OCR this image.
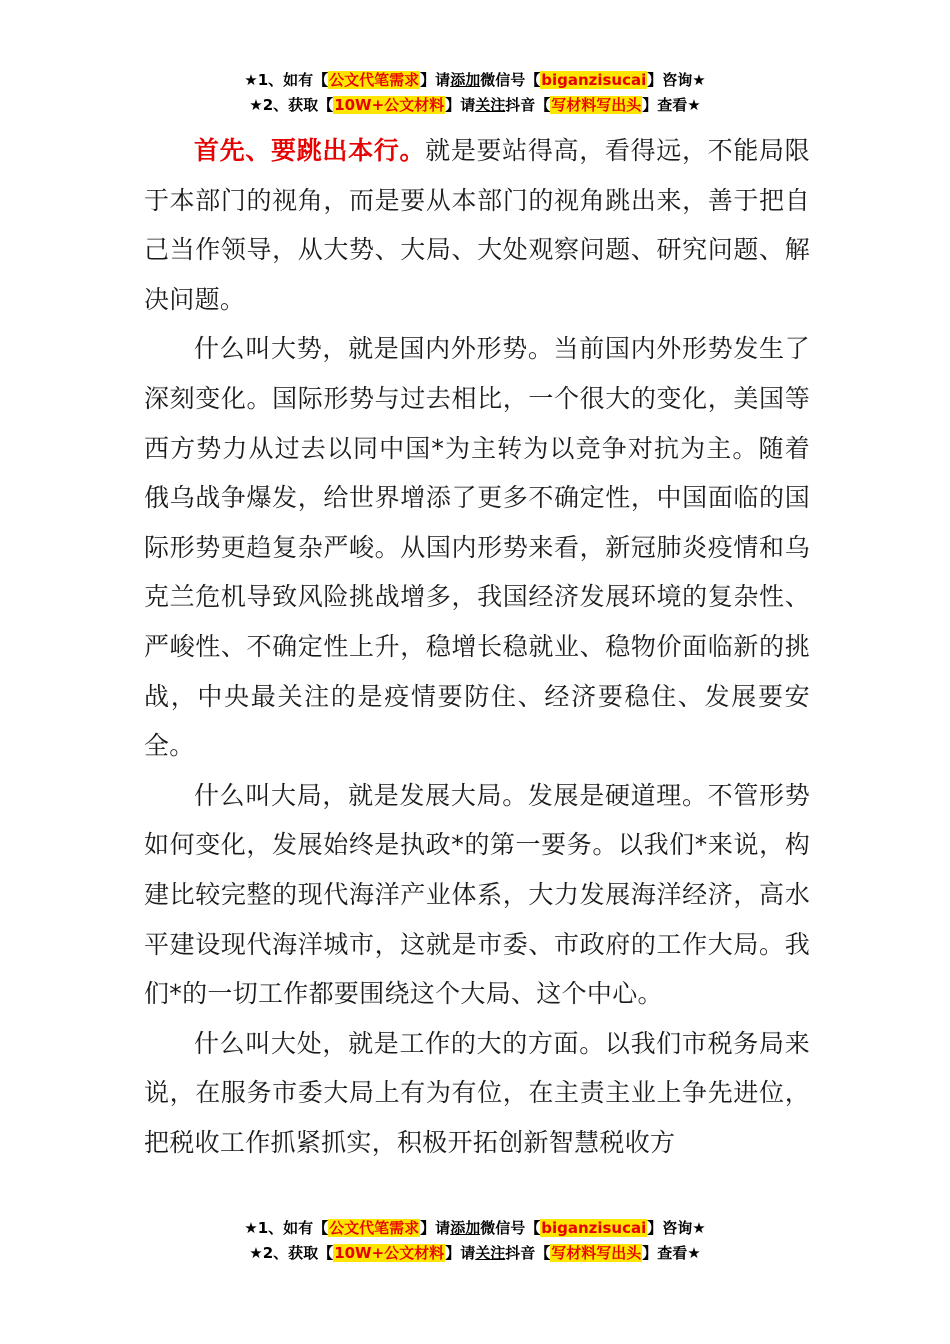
★1、如有【公文代笔需求】请添加微信号【biganzisucai】咨询★
★2、获取【10W+公文材料】请关注抖音【写材料写出头】查看★

首先、要跳出本行。就是要站得高，看得远，不能局限于本部门的视角，而是要从本部门的视角跳出来，善于把自己当作领导，从大势、大局、大处观察问题、研究问题、解决问题。

什么叫大势，就是国内外形势。当前国内外形势发生了深刻变化。国际形势与过去相比，一个很大的变化，美国等西方势力从过去以同中国*为主转为以竞争对抗为主。随着俄乌战争爆发，给世界增添了更多不确定性，中国面临的国际形势更趋复杂严峻。从国内形势来看，新冠肺炎疫情和乌克兰危机导致风险挑战增多，我国经济发展环境的复杂性、严峻性、不确定性上升，稳增长稳就业、稳物价面临新的挑战，中央最关注的是疫情要防住、经济要稳住、发展要安全。

什么叫大局，就是发展大局。发展是硬道理。不管形势如何变化，发展始终是执政*的第一要务。以我们*来说，构建比较完整的现代海洋产业体系，大力发展海洋经济，高水平建设现代海洋城市，这就是市委、市政府的工作大局。我们*的一切工作都要围绕这个大局、这个中心。

什么叫大处，就是工作的大的方面。以我们市税务局来说，在服务市委大局上有为有位，在主责主业上争先进位，把税收工作抓紧抓实，积极开拓创新智慧税收方

★1、如有【公文代笔需求】请添加微信号【biganzisucai】咨询★
★2、获取【10W+公文材料】请关注抖音【写材料写出头】查看★
